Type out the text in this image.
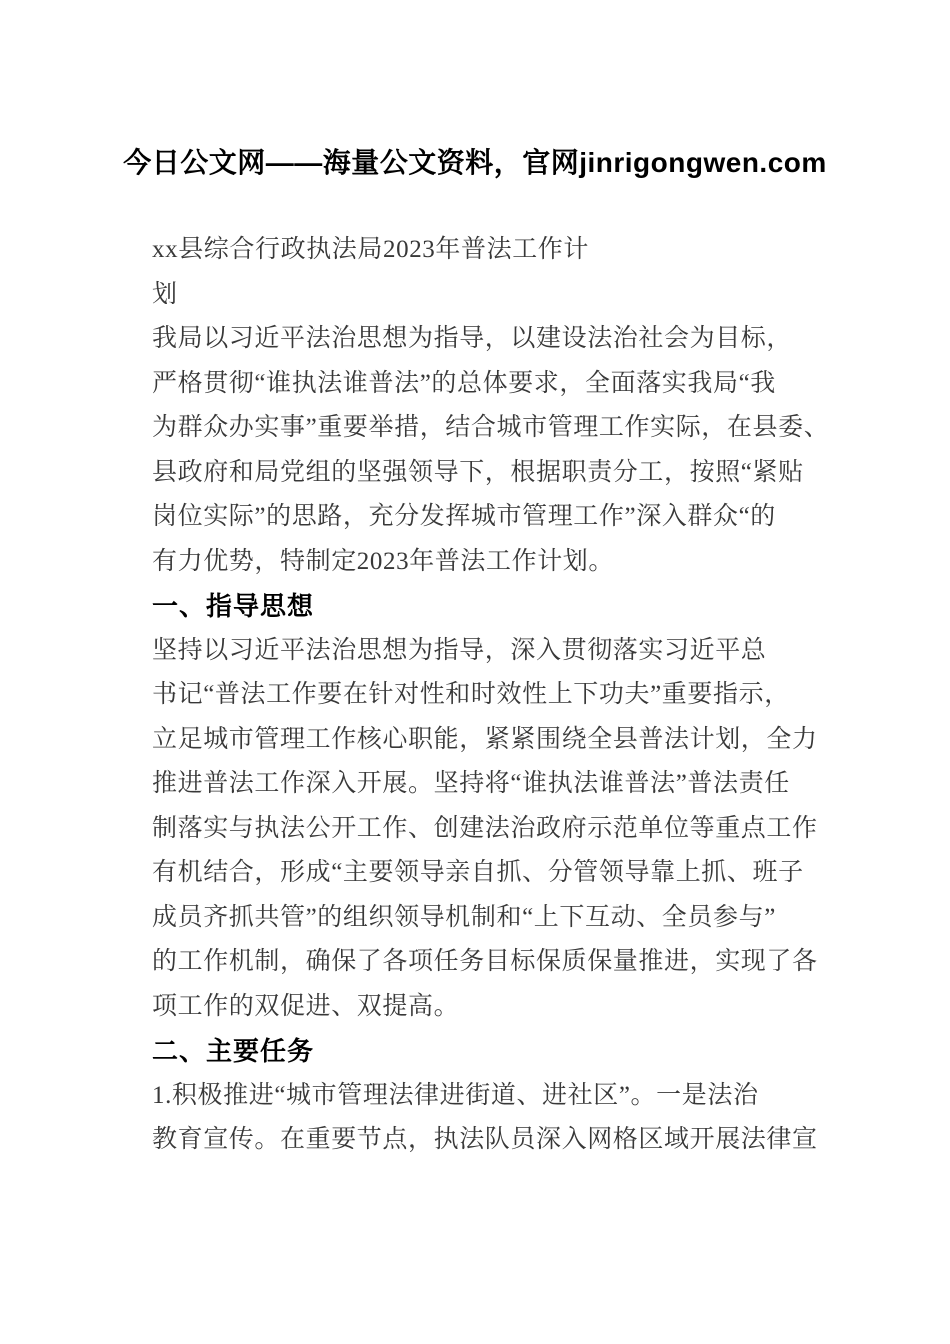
今日公文网——海量公文资料，官网jinrigongwen.com
xx县综合行政执法局2023年普法工作计
划
我局以习近平法治思想为指导，以建设法治社会为目标，
严格贯彻“谁执法谁普法”的总体要求，全面落实我局“我
为群众办实事”重要举措，结合城市管理工作实际，在县委、
县政府和局党组的坚强领导下，根据职责分工，按照“紧贴
岗位实际”的思路，充分发挥城市管理工作”深入群众“的
有力优势，特制定2023年普法工作计划。
一、指导思想
坚持以习近平法治思想为指导，深入贯彻落实习近平总
书记“普法工作要在针对性和时效性上下功夫”重要指示，
立足城市管理工作核心职能，紧紧围绕全县普法计划，全力
推进普法工作深入开展。坚持将“谁执法谁普法”普法责任
制落实与执法公开工作、创建法治政府示范单位等重点工作
有机结合，形成“主要领导亲自抓、分管领导靠上抓、班子
成员齐抓共管”的组织领导机制和“上下互动、全员参与”
的工作机制，确保了各项任务目标保质保量推进，实现了各
项工作的双促进、双提高。
二、主要任务
1.积极推进“城市管理法律进街道、进社区”。一是法治
教育宣传。在重要节点，执法队员深入网格区域开展法律宣
